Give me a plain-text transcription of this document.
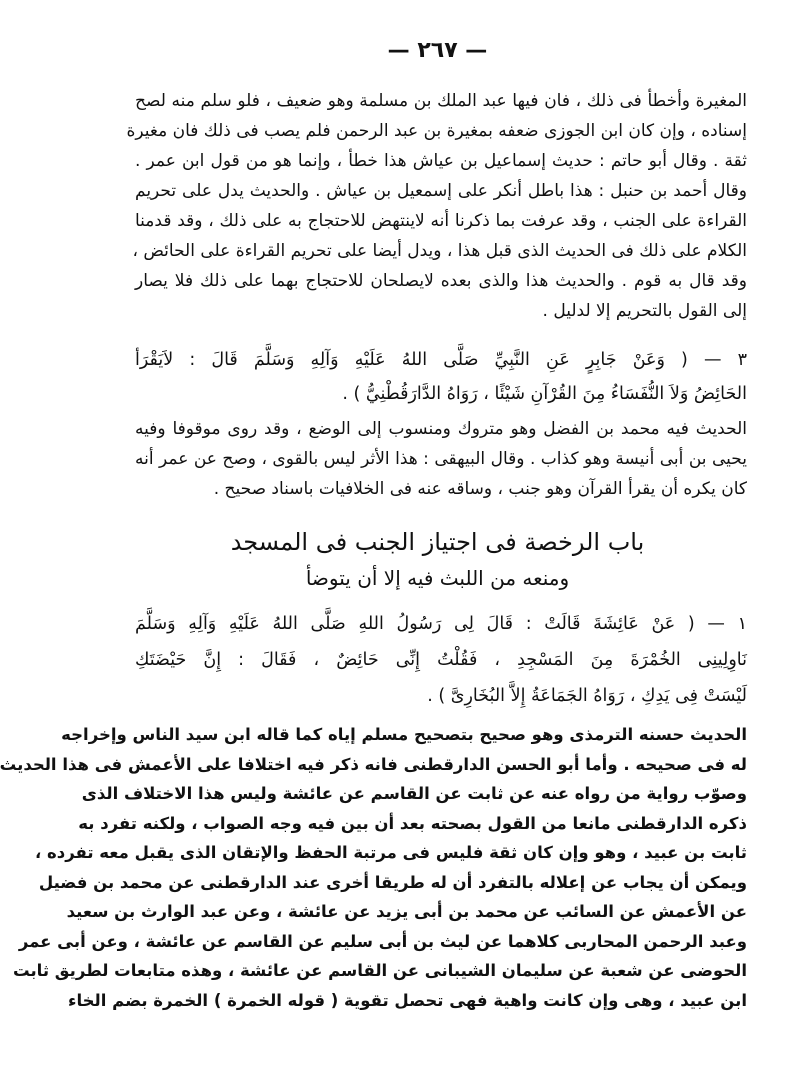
— ٢٦٧ —
المغيرة وأخطأ فى ذلك ، فان فيها عبد الملك بن مسلمة وهو ضعيف ، فلو سلم منه لصح
إسناده ، وإن كان ابن الجوزى ضعفه بمغيرة بن عبد الرحمن فلم يصب فى ذلك فان مغيرة
ثقة . وقال أبو حاتم : حديث إسماعيل بن عياش هذا خطأ ، وإنما هو من قول ابن عمر .
وقال أحمد بن حنبل : هذا باطل أنكر على إسمعيل بن عياش . والحديث يدل على تحريم
القراءة على الجنب ، وقد عرفت بما ذكرنا أنه لاينتهض للاحتجاج به على ذلك ، وقد قدمنا
الكلام على ذلك فى الحديث الذى قبل هذا ، ويدل أيضا على تحريم القراءة على الحائض ،
وقد قال به قوم . والحديث هذا والذى بعده لايصلحان للاحتجاج بهما على ذلك فلا يصار
إلى القول بالتحريم إلا لدليل .
٣ — ( وَعَنْ جَابِرٍ عَنِ النَّبِيِّ صَلَّى اللهُ عَلَيْهِ وَآلِهِ وَسَلَّمَ قَالَ : لاَيَقْرَأ
الحَائِضُ وَلاَ النُّفَسَاءُ مِنَ القُرْآنِ شَيْئًا ، رَوَاهُ الدَّارَقُطْنِيُّ ) .
الحديث فيه محمد بن الفضل وهو متروك ومنسوب إلى الوضع ، وقد روى موقوفا وفيه
يحيى بن أبى أنيسة وهو كذاب . وقال البيهقى : هذا الأثر ليس بالقوى ، وصح عن عمر أنه
كان يكره أن يقرأ القرآن وهو جنب ، وساقه عنه فى الخلافيات باسناد صحيح .
باب الرخصة فى اجتياز الجنب فى المسجد
ومنعه من اللبث فيه إلا أن يتوضأ
١ — ( عَنْ عَائِشَةَ قَالَتْ : قَالَ لِى رَسُولُ اللهِ صَلَّى اللهُ عَلَيْهِ وَآلِهِ وَسَلَّمَ
نَاوِلِينِى الخُمْرَةَ مِنَ المَسْجِدِ ، فَقُلْتُ إِنِّى حَائِضٌ ، فَقَالَ : إِنَّ حَيْضَتَكِ
لَيْسَتْ فِى يَدِكِ ، رَوَاهُ الجَمَاعَةُ إِلاَّ البُخَارِىَّ ) .
الحديث حسنه الترمذى وهو صحيح بتصحيح مسلم إياه كما قاله ابن سيد الناس وإخراجه
له فى صحيحه . وأما أبو الحسن الدارقطنى فانه ذكر فيه اختلافا على الأعمش فى هذا الحديث
وصوّب رواية من رواه عنه عن ثابت عن القاسم عن عائشة وليس هذا الاختلاف الذى
ذكره الدارقطنى مانعا من القول بصحته بعد أن بين فيه وجه الصواب ، ولكنه تفرد به
ثابت بن عبيد ، وهو وإن كان ثقة فليس فى مرتبة الحفظ والإتقان الذى يقبل معه تفرده ،
ويمكن أن يجاب عن إعلاله بالتفرد أن له طريقا أخرى عند الدارقطنى عن محمد بن فضيل
عن الأعمش عن السائب عن محمد بن أبى يزيد عن عائشة ، وعن عبد الوارث بن سعيد
وعبد الرحمن المحاربى كلاهما عن ليث بن أبى سليم عن القاسم عن عائشة ، وعن أبى عمر
الحوضى عن شعبة عن سليمان الشيبانى عن القاسم عن عائشة ، وهذه متابعات لطريق ثابت
ابن عبيد ، وهى وإن كانت واهية فهى تحصل تقوية ( قوله الخمرة ) الخمرة بضم الخاء
